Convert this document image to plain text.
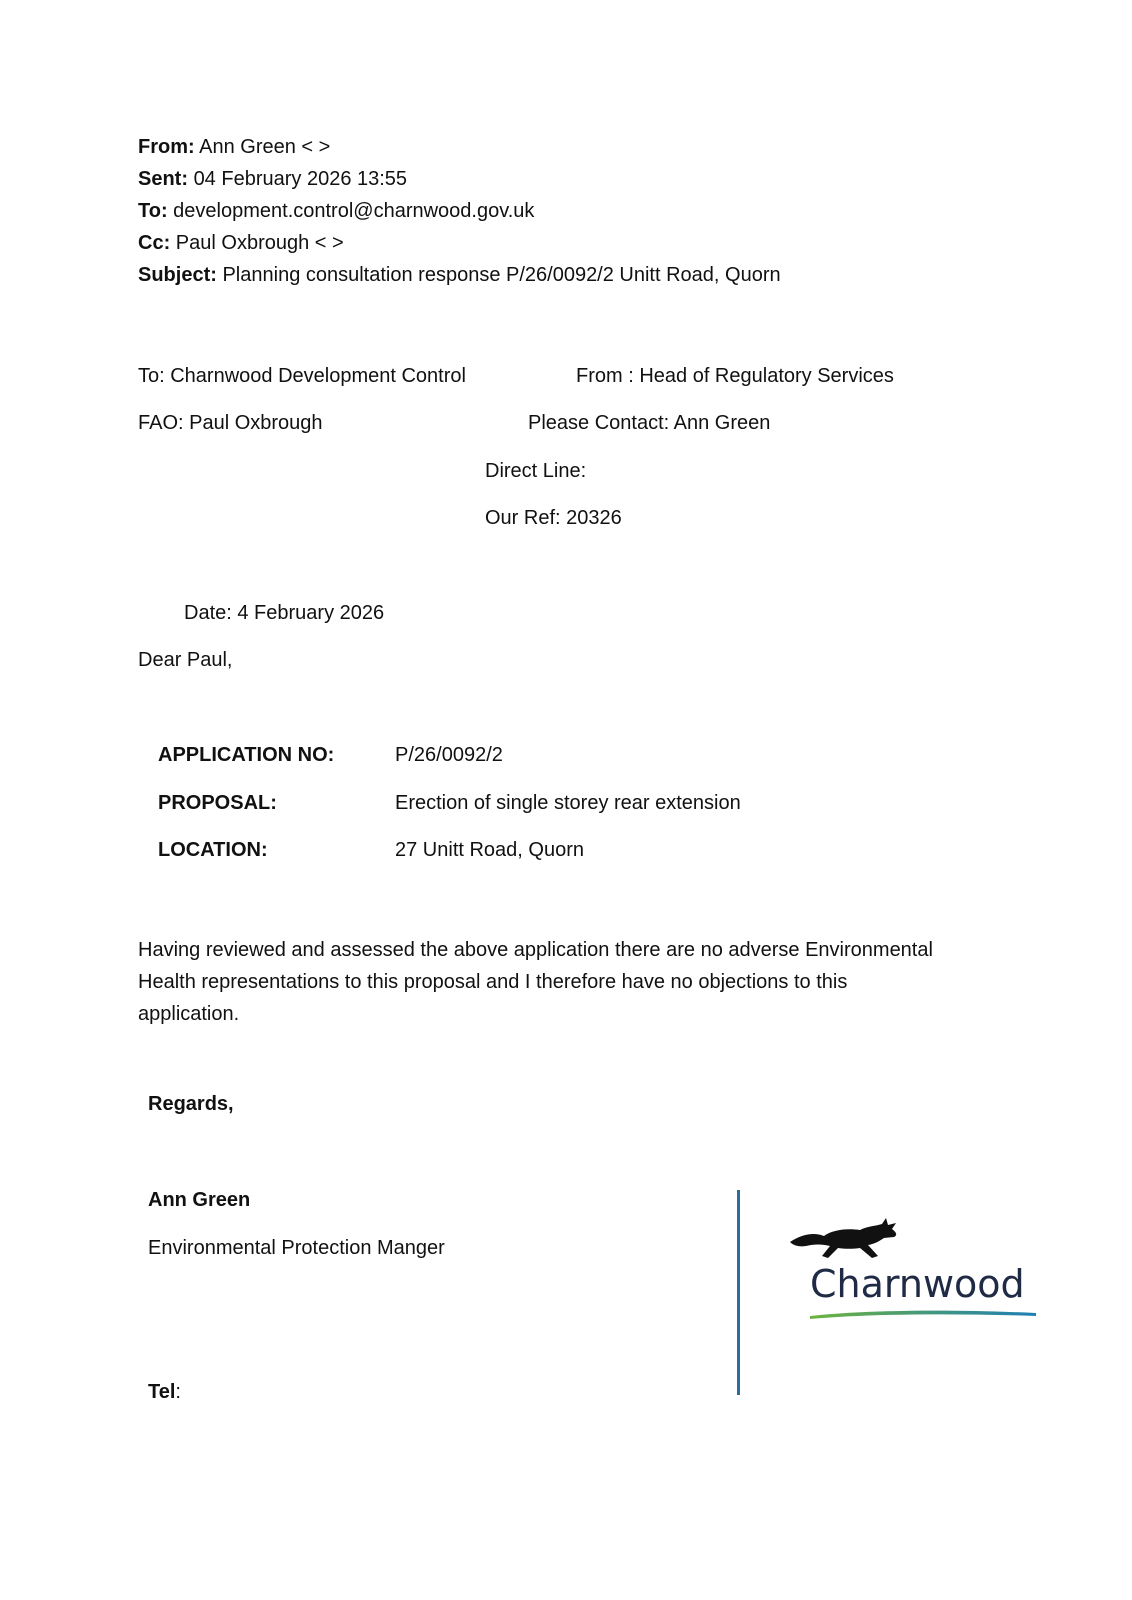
From: Ann Green < >
Sent: 04 February 2026 13:55
To: development.control@charnwood.gov.uk
Cc: Paul Oxbrough < >
Subject: Planning consultation response P/26/0092/2 Unitt Road, Quorn
To: Charnwood Development Control	From : Head of Regulatory Services
FAO: Paul Oxbrough	Please Contact: Ann Green
Direct Line:
Our Ref: 20326
Date: 4 February 2026
Dear Paul,
APPLICATION NO:	P/26/0092/2
PROPOSAL:	Erection of single storey rear extension
LOCATION:	27 Unitt Road, Quorn
Having reviewed and assessed the above application there are no adverse Environmental Health representations to this proposal and I therefore have no objections to this application.
Regards,
Ann Green
Environmental Protection Manger
Tel:
Charnwood
